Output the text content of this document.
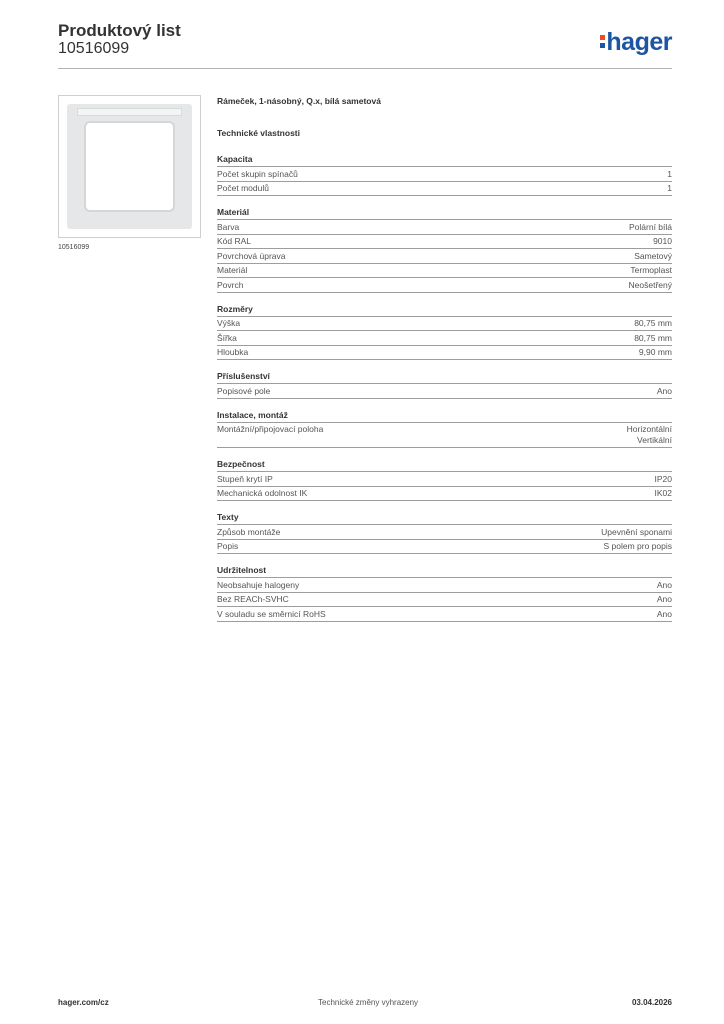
Produktový list
10516099	hager
10516099
Rámeček, 1-násobný, Q.x, bílá sametová
Technické vlastnosti
Kapacita
Počet skupin spínačů	1
Počet modulů	1
Materiál
Barva	Polární bílá
Kód RAL	9010
Povrchová úprava	Sametový
Materiál	Termoplast
Povrch	Neošetřený
Rozměry
Výška	80,75 mm
Šířka	80,75 mm
Hloubka	9,90 mm
Příslušenství
Popisové pole	Ano
Instalace, montáž
Montážní/připojovací poloha	Horizontální
Vertikální
Bezpečnost
Stupeň krytí IP	IP20
Mechanická odolnost IK	IK02
Texty
Způsob montáže	Upevnění sponami
Popis	S polem pro popis
Udržitelnost
Neobsahuje halogeny	Ano
Bez REACh-SVHC	Ano
V souladu se směrnicí RoHS	Ano
hager.com/cz	Technické změny vyhrazeny	03.04.2026
